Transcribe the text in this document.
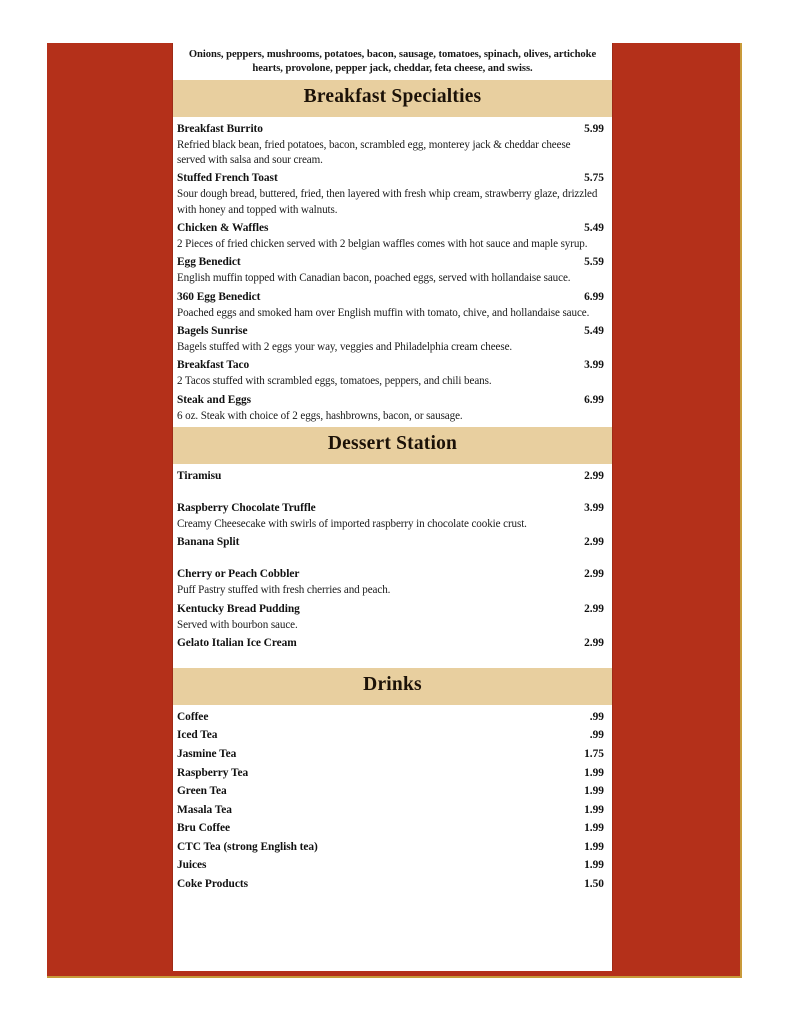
Onions, peppers, mushrooms, potatoes, bacon, sausage, tomatoes, spinach, olives, artichoke hearts, provolone, pepper jack, cheddar, feta cheese, and swiss.
Breakfast Specialties
Breakfast Burrito	5.99
Refried black bean, fried potatoes, bacon, scrambled egg, monterey jack & cheddar cheese served with salsa and sour cream.
Stuffed French Toast	5.75
Sour dough bread, buttered, fried, then layered with fresh whip cream, strawberry glaze, drizzled with honey and topped with walnuts.
Chicken & Waffles	5.49
2 Pieces of fried chicken served with 2 belgian waffles comes with hot sauce and maple syrup.
Egg Benedict	5.59
English muffin topped with Canadian bacon, poached eggs, served with hollandaise sauce.
360 Egg Benedict	6.99
Poached eggs and smoked ham over English muffin with tomato, chive, and hollandaise sauce.
Bagels Sunrise	5.49
Bagels stuffed with 2 eggs your way, veggies and Philadelphia cream cheese.
Breakfast Taco	3.99
2 Tacos stuffed with scrambled eggs, tomatoes, peppers, and chili beans.
Steak and Eggs	6.99
6 oz. Steak with choice of 2 eggs, hashbrowns, bacon, or sausage.
Dessert Station
Tiramisu	2.99
Raspberry Chocolate Truffle	3.99
Creamy Cheesecake with swirls of imported raspberry in chocolate cookie crust.
Banana Split	2.99
Cherry or Peach Cobbler	2.99
Puff Pastry stuffed with fresh cherries and peach.
Kentucky Bread Pudding	2.99
Served with bourbon sauce.
Gelato Italian Ice Cream	2.99
Drinks
Coffee	.99
Iced Tea	.99
Jasmine Tea	1.75
Raspberry Tea	1.99
Green Tea	1.99
Masala Tea	1.99
Bru Coffee	1.99
CTC Tea (strong English tea)	1.99
Juices	1.99
Coke Products	1.50
